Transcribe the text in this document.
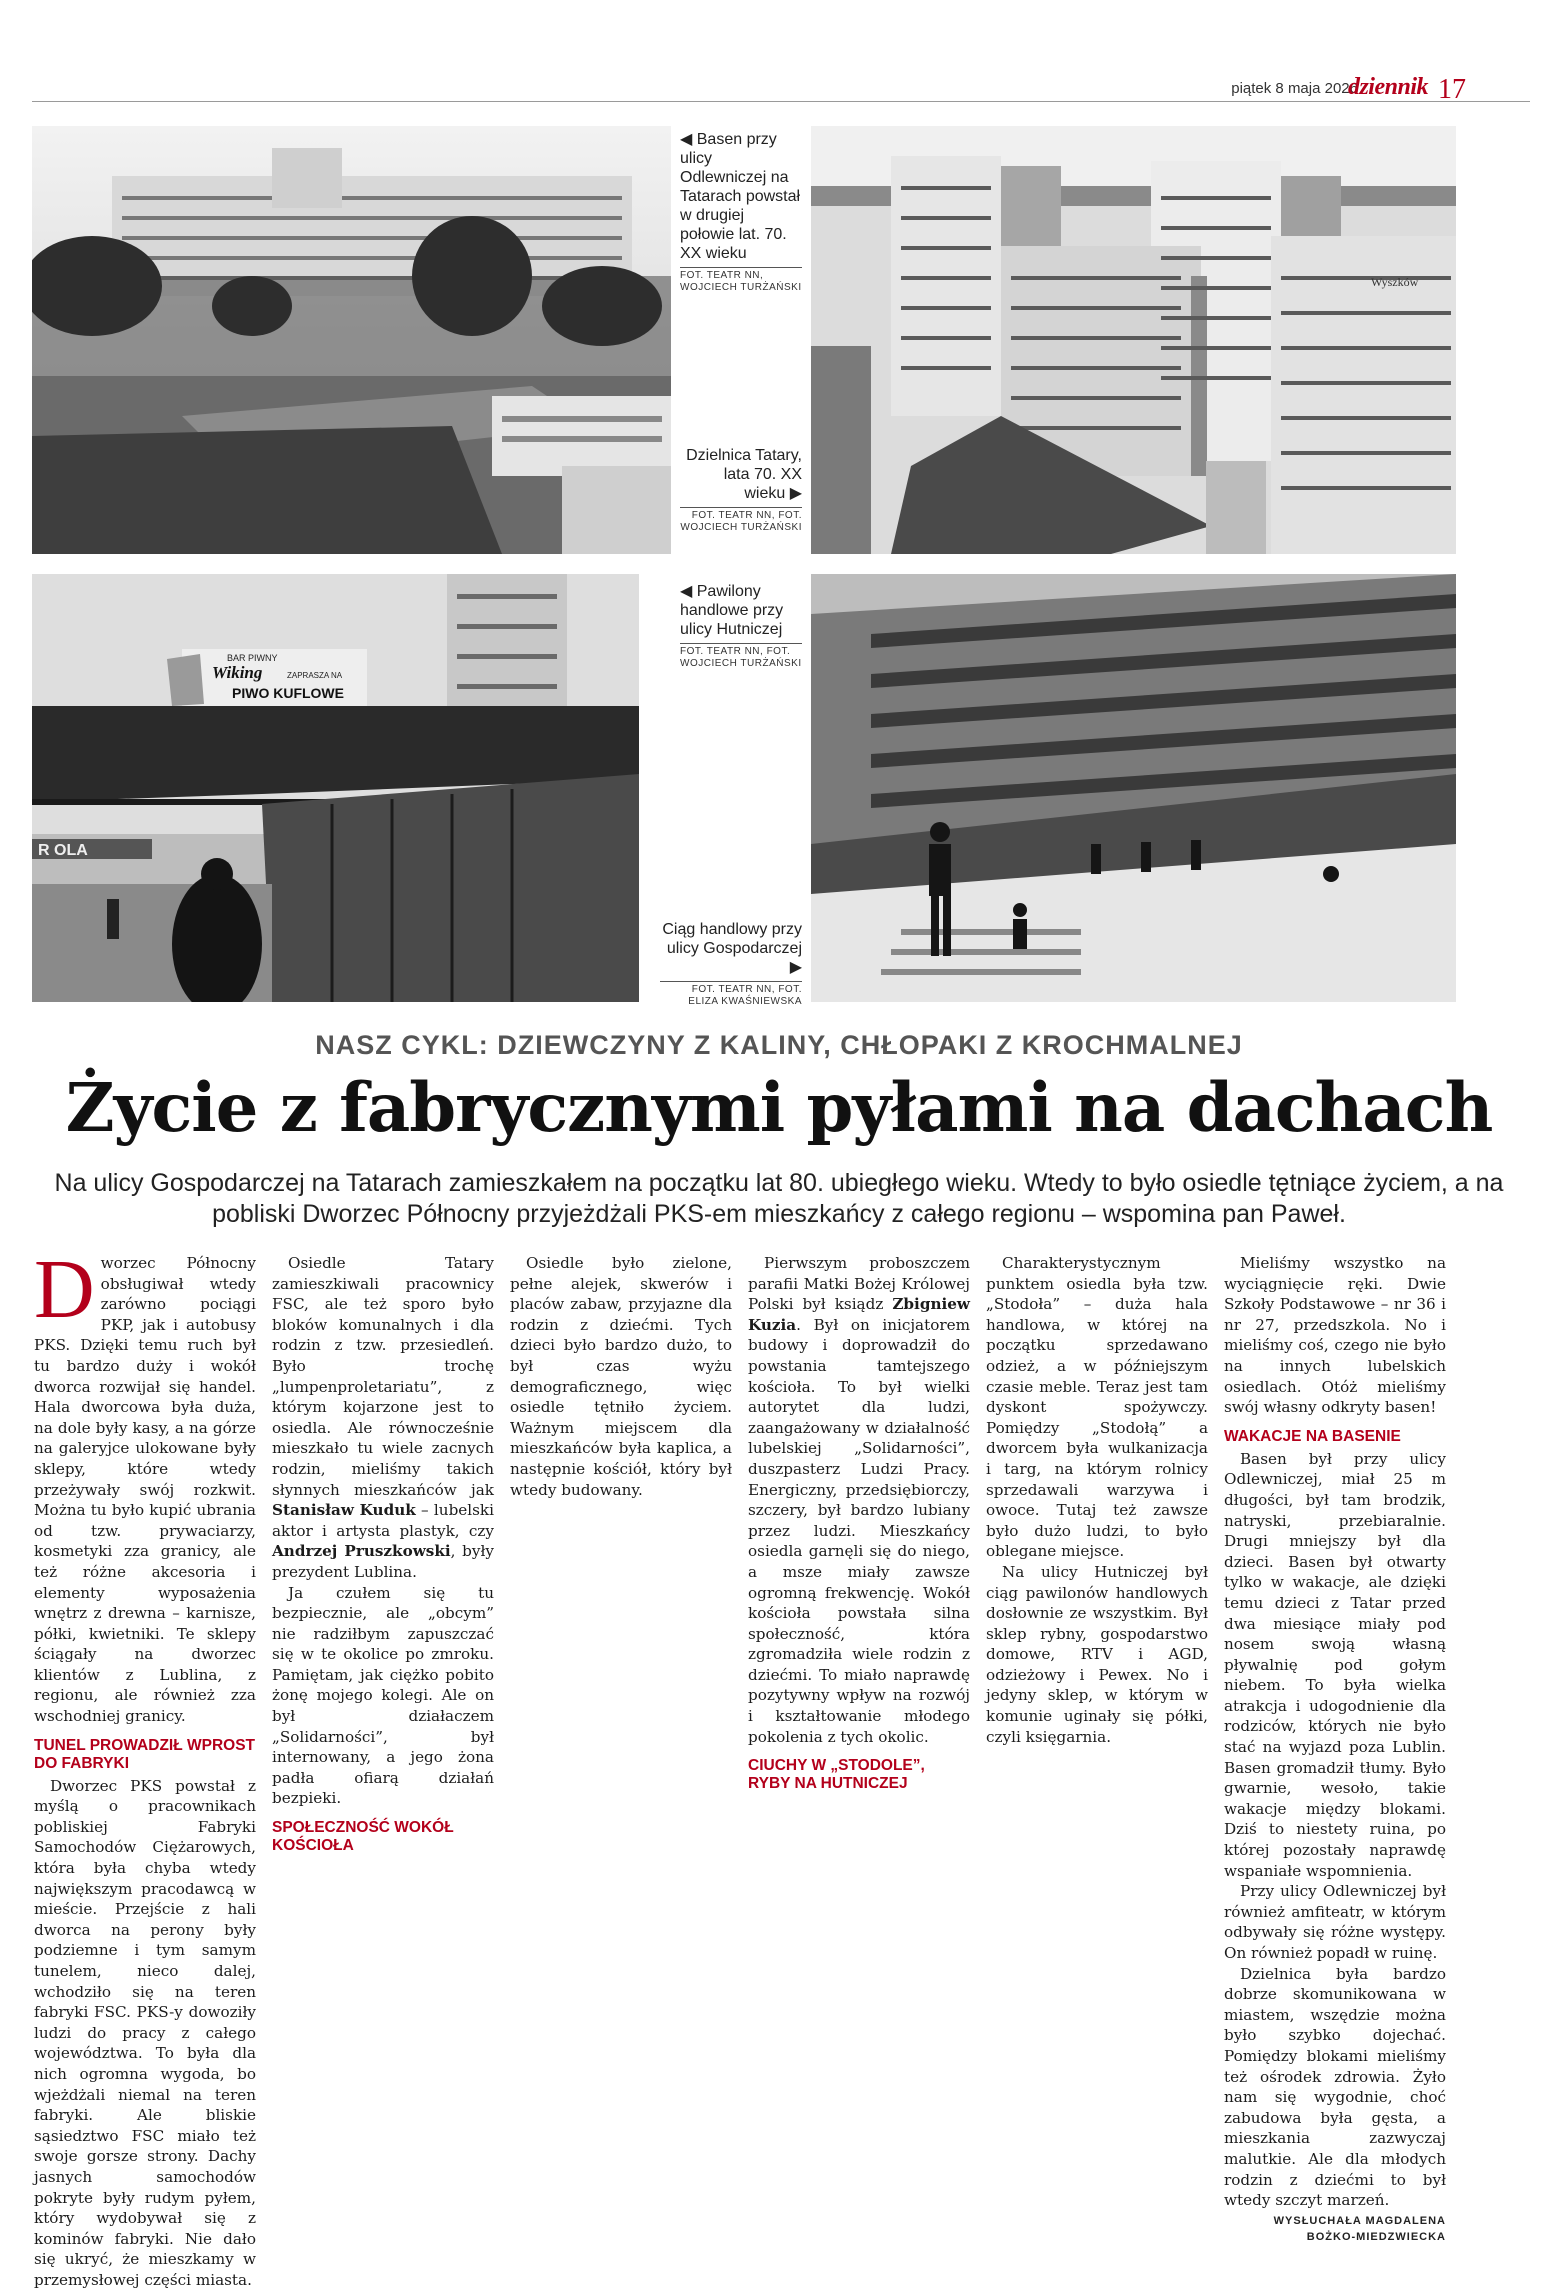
piątek 8 maja 2026
dziennik 17
Wyszków
BAR PIWNY
Wiking	ZAPRASZA NA
PIWO KUFLOWE
R OLA
◀ Basen przy ulicy Odlewniczej na Tatarach powstał w drugiej połowie lat. 70. XX wieku
FOT. TEATR NN, WOJCIECH TURŻAŃSKI
Dzielnica Tatary, lata 70. XX wieku ▶
FOT. TEATR NN, FOT. WOJCIECH TURŻAŃSKI
◀ Pawilony handlowe przy ulicy Hutniczej
FOT. TEATR NN, FOT. WOJCIECH TURŻAŃSKI
Ciąg handlowy przy ulicy Gospodarczej ▶
FOT. TEATR NN, FOT. ELIZA KWAŚNIEWSKA
NASZ CYKL: DZIEWCZYNY Z KALINY, CHŁOPAKI Z KROCHMALNEJ
Życie z fabrycznymi pyłami na dachach
Na ulicy Gospodarczej na Tatarach zamieszkałem na początku lat 80. ubiegłego wieku. Wtedy to było osiedle tętniące życiem, a na pobliski Dworzec Północny przyjeżdżali PKS-em mieszkańcy z całego regionu – wspomina pan Paweł.

Dworzec Północny obsługiwał wtedy zarówno pociągi PKP, jak i autobusy PKS. Dzięki temu ruch był tu bardzo duży i wokół dworca rozwijał się handel. Hala dworcowa była duża, na dole były kasy, a na górze na galeryjce ulokowane były sklepy, które wtedy przeżywały swój rozkwit. Można tu było kupić ubrania od tzw. prywaciarzy, kosmetyki zza granicy, ale też różne akcesoria i elementy wyposażenia wnętrz z drewna – karnisze, półki, kwietniki. Te sklepy ściągały na dworzec klientów z Lublina, z regionu, ale również zza wschodniej granicy.

TUNEL PROWADZIŁ WPROST DO FABRYKI

Dworzec PKS powstał z myślą o pracownikach pobliskiej Fabryki Samochodów Ciężarowych, która była chyba wtedy największym pracodawcą w mieście. Przejście z hali dworca na perony były podziemne i tym samym tunelem, nieco dalej, wchodziło się na teren fabryki FSC. PKS-y dowoziły ludzi do pracy z całego województwa. To była dla nich ogromna wygoda, bo wjeżdżali niemal na teren fabryki. Ale bliskie sąsiedztwo FSC miało też swoje gorsze strony. Dachy jasnych samochodów pokryte były rudym pyłem, który wydobywał się z kominów fabryki. Nie dało się ukryć, że mieszkamy w przemysłowej części miasta.

Osiedle Tatary zamieszkiwali pracownicy FSC, ale też sporo było bloków komunalnych i dla rodzin z tzw. przesiedleń. Było trochę „lumpenproletariatu”, z którym kojarzone jest to osiedla. Ale równocześnie mieszkało tu wiele zacnych rodzin, mieliśmy takich słynnych mieszkańców jak Stanisław Kuduk – lubelski aktor i artysta plastyk, czy Andrzej Pruszkowski, były prezydent Lublina.

Ja czułem się tu bezpiecznie, ale „obcym” nie radziłbym zapuszczać się w te okolice po zmroku. Pamiętam, jak ciężko pobito żonę mojego kolegi. Ale on był działaczem „Solidarności”, był internowany, a jego żona padła ofiarą działań bezpieki.

SPOŁECZNOŚĆ WOKÓŁ KOŚCIOŁA

Osiedle było zielone, pełne alejek, skwerów i placów zabaw, przyjazne dla rodzin z dziećmi. Tych dzieci było bardzo dużo, to był czas wyżu demograficznego, więc osiedle tętniło życiem. Ważnym miejscem dla mieszkańców była kaplica, a następnie kościół, który był wtedy budowany.

Pierwszym proboszczem parafii Matki Bożej Królowej Polski był ksiądz Zbigniew Kuzia. Był on inicjatorem budowy i doprowadził do powstania tamtejszego kościoła. To był wielki autorytet dla ludzi, zaangażowany w działalność lubelskiej „Solidarności”, duszpasterz Ludzi Pracy. Energiczny, przedsiębiorczy, szczery, był bardzo lubiany przez ludzi. Mieszkańcy osiedla garnęli się do niego, a msze miały zawsze ogromną frekwencję. Wokół kościoła powstała silna społeczność, która zgromadziła wiele rodzin z dziećmi. To miało naprawdę pozytywny wpływ na rozwój i kształtowanie młodego pokolenia z tych okolic.

CIUCHY W „STODOLE”, RYBY NA HUTNICZEJ

Charakterystycznym punktem osiedla była tzw. „Stodoła” – duża hala handlowa, w której na początku sprzedawano odzież, a w późniejszym czasie meble. Teraz jest tam dyskont spożywczy. Pomiędzy „Stodołą” a dworcem była wulkanizacja i targ, na którym rolnicy sprzedawali warzywa i owoce. Tutaj też zawsze było dużo ludzi, to było oblegane miejsce.

Na ulicy Hutniczej był ciąg pawilonów handlowych dosłownie ze wszystkim. Był sklep rybny, gospodarstwo domowe, RTV i AGD, odzieżowy i Pewex. No i jedyny sklep, w którym w komunie uginały się półki, czyli księgarnia.

Mieliśmy wszystko na wyciągnięcie ręki. Dwie Szkoły Podstawowe – nr 36 i nr 27, przedszkola. No i mieliśmy coś, czego nie było na innych lubelskich osiedlach. Otóż mieliśmy swój własny odkryty basen!

WAKACJE NA BASENIE

Basen był przy ulicy Odlewniczej, miał 25 m długości, był tam brodzik, natryski, przebiaralnie. Drugi mniejszy był dla dzieci. Basen był otwarty tylko w wakacje, ale dzięki temu dzieci z Tatar przed dwa miesiące miały pod nosem swoją własną pływalnię pod gołym niebem. To była wielka atrakcja i udogodnienie dla rodziców, których nie było stać na wyjazd poza Lublin. Basen gromadził tłumy. Było gwarnie, wesoło, takie wakacje między blokami. Dziś to niestety ruina, po której pozostały naprawdę wspaniałe wspomnienia.

Przy ulicy Odlewniczej był również amfiteatr, w którym odbywały się różne występy. On również popadł w ruinę.

Dzielnica była bardzo dobrze skomunikowana w miastem, wszędzie można było szybko dojechać. Pomiędzy blokami mieliśmy też ośrodek zdrowia. Żyło nam się wygodnie, choć zabudowa była gęsta, a mieszkania zazwyczaj malutkie. Ale dla młodych rodzin z dziećmi to był wtedy szczyt marzeń.

WYSŁUCHAŁA MAGDALENA BOŻKO-MIEDZWIECKA
